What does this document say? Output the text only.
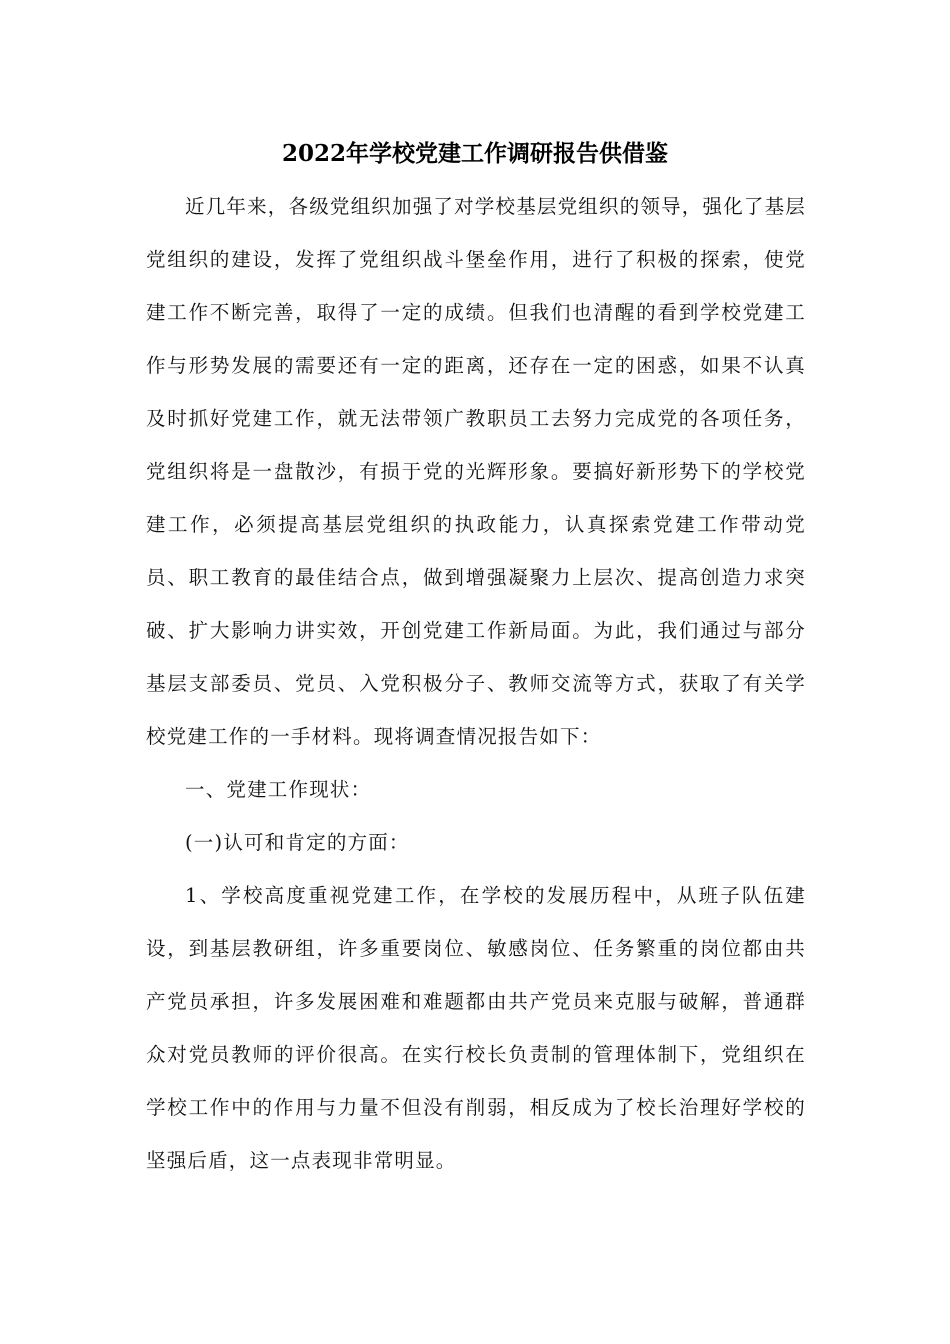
2022年学校党建工作调研报告供借鉴

近几年来，各级党组织加强了对学校基层党组织的领导，强化了基层党组织的建设，发挥了党组织战斗堡垒作用，进行了积极的探索，使党建工作不断完善，取得了一定的成绩。但我们也清醒的看到学校党建工作与形势发展的需要还有一定的距离，还存在一定的困惑，如果不认真及时抓好党建工作，就无法带领广教职员工去努力完成党的各项任务，党组织将是一盘散沙，有损于党的光辉形象。要搞好新形势下的学校党建工作，必须提高基层党组织的执政能力，认真探索党建工作带动党员、职工教育的最佳结合点，做到增强凝聚力上层次、提高创造力求突破、扩大影响力讲实效，开创党建工作新局面。为此，我们通过与部分基层支部委员、党员、入党积极分子、教师交流等方式，获取了有关学校党建工作的一手材料。现将调查情况报告如下：

一、党建工作现状：

(一)认可和肯定的方面：

1、学校高度重视党建工作，在学校的发展历程中，从班子队伍建设，到基层教研组，许多重要岗位、敏感岗位、任务繁重的岗位都由共产党员承担，许多发展困难和难题都由共产党员来克服与破解，普通群众对党员教师的评价很高。在实行校长负责制的管理体制下，党组织在学校工作中的作用与力量不但没有削弱，相反成为了校长治理好学校的坚强后盾，这一点表现非常明显。
